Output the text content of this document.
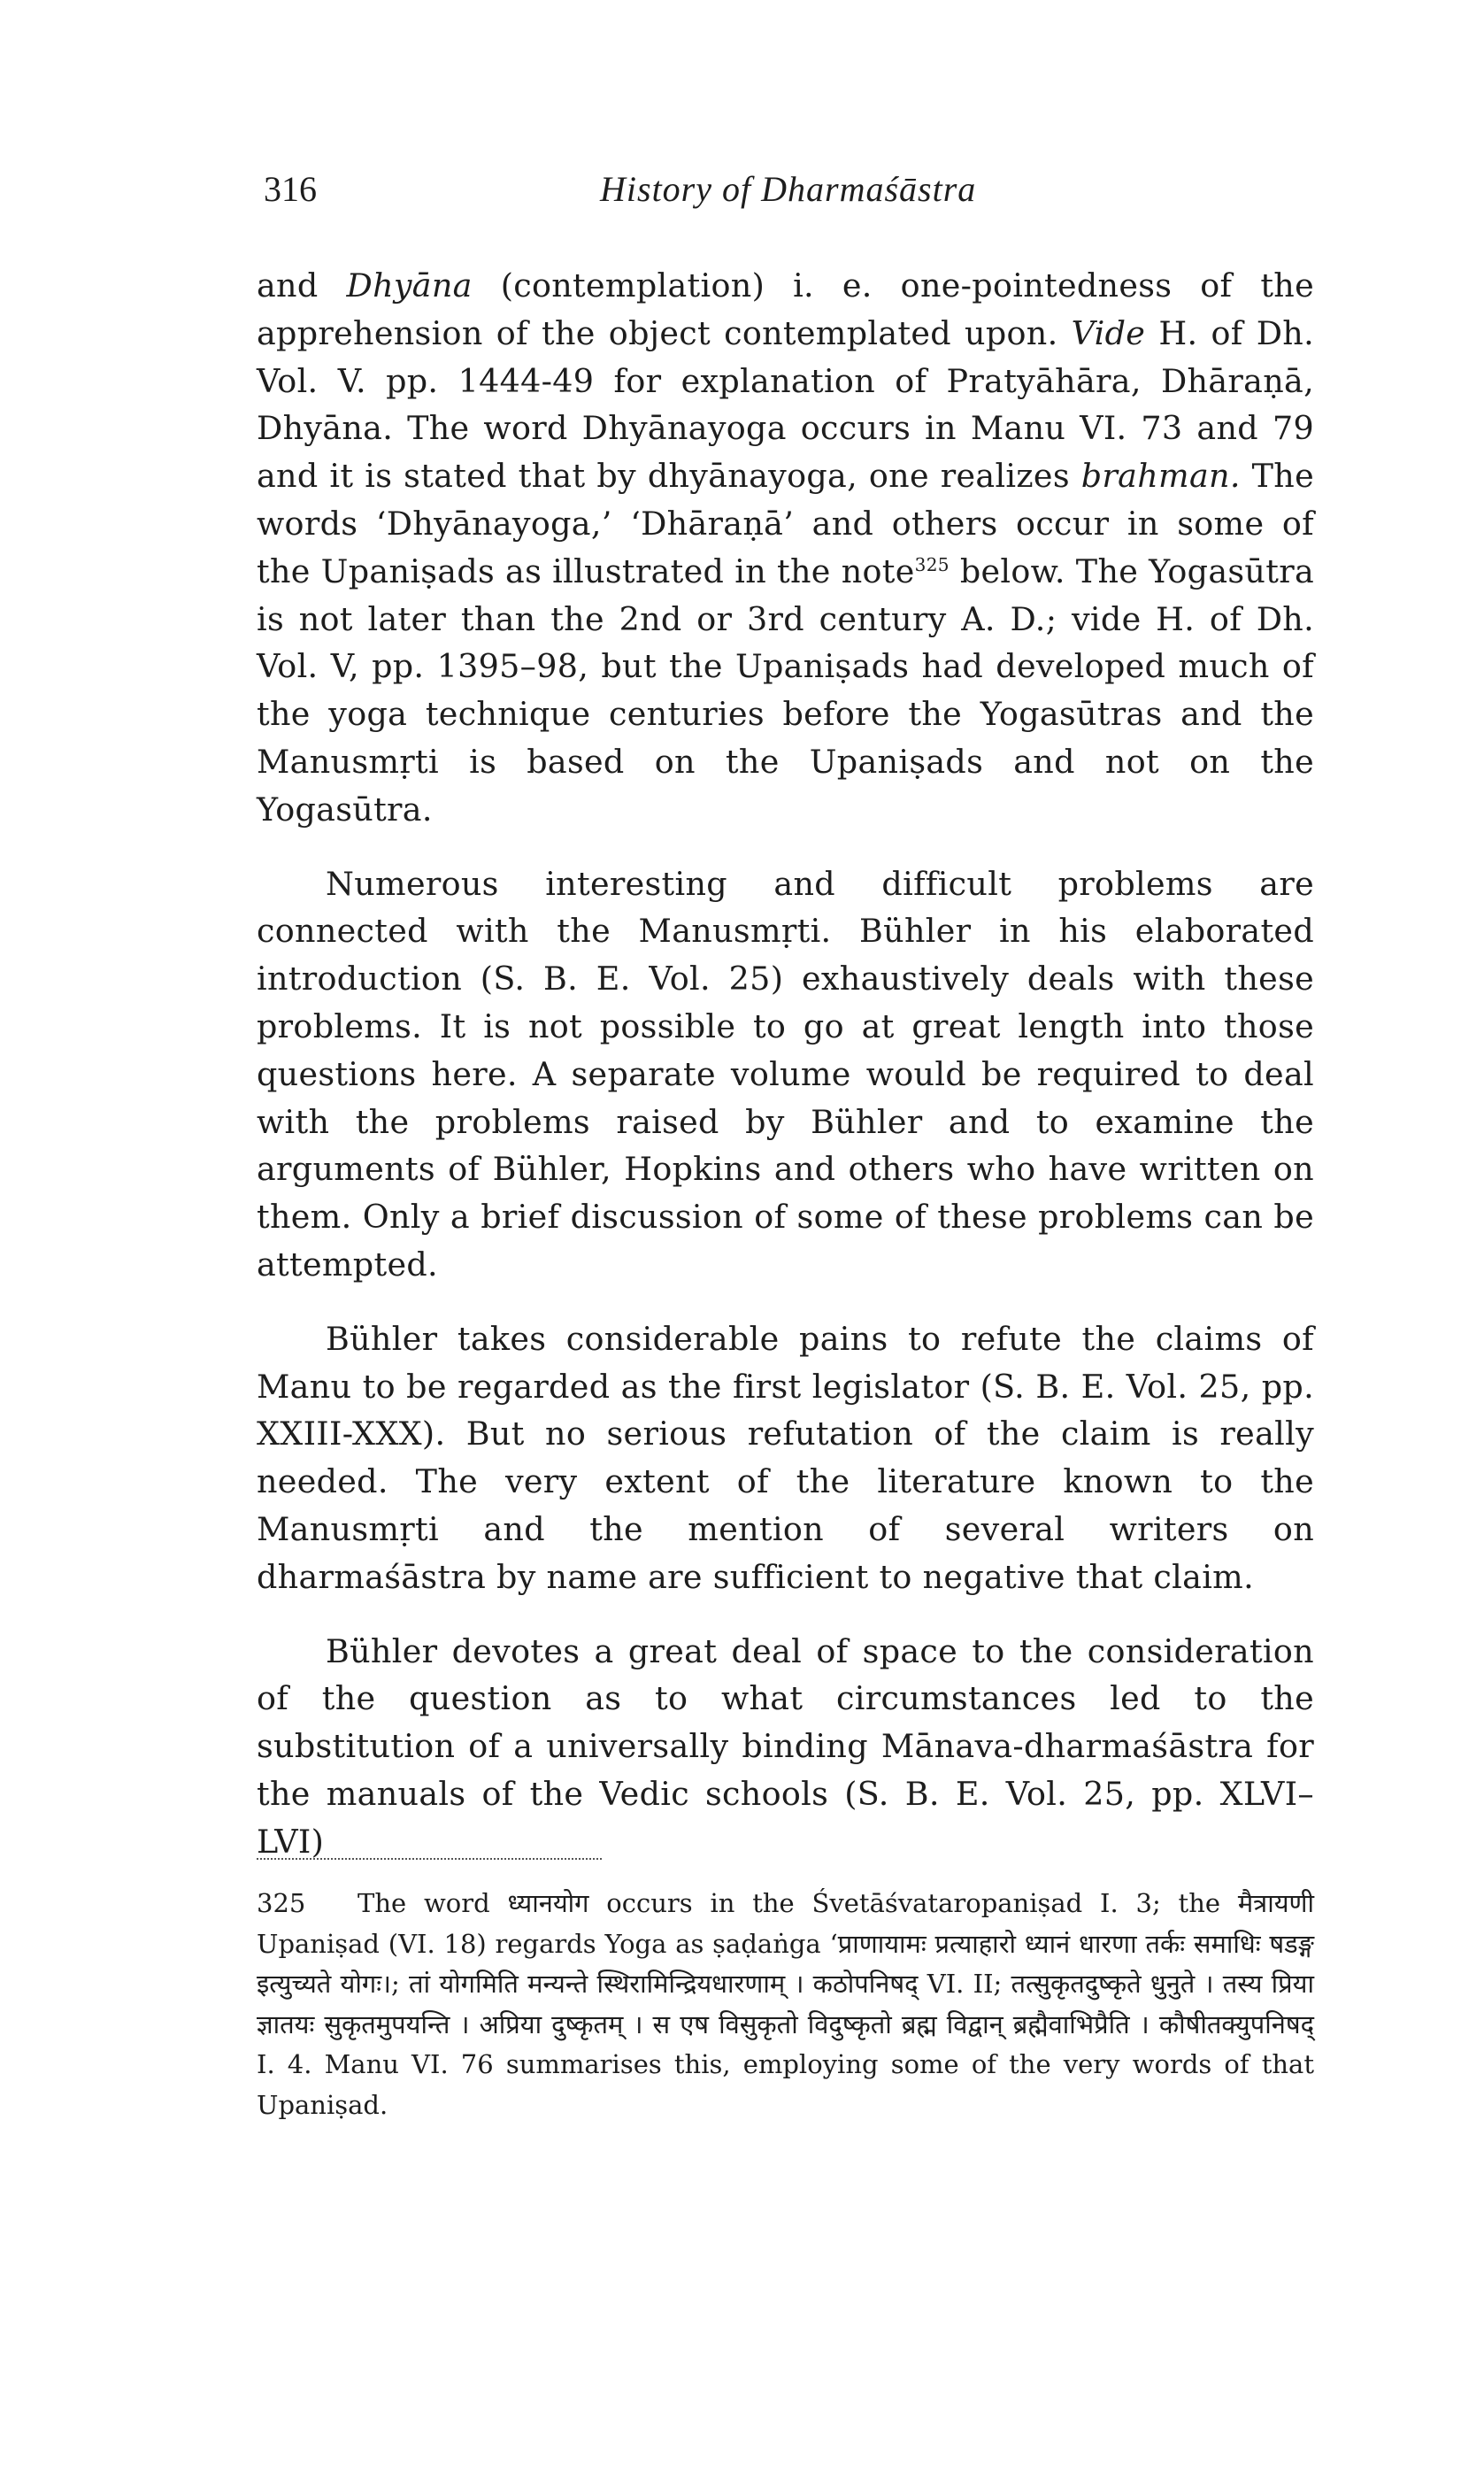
316	History of Dharmaśāstra

and Dhyāna (contemplation) i. e. one-pointedness of the apprehension of the object contemplated upon. Vide H. of Dh. Vol. V. pp. 1444-49 for explanation of Pratyāhāra, Dhāraṇā, Dhyāna. The word Dhyānayoga occurs in Manu VI. 73 and 79 and it is stated that by dhyānayoga, one realizes brahman. The words ‘Dhyānayoga,’ ‘Dhāraṇā’ and others occur in some of the Upaniṣads as illustrated in the note$^{325}$ below. The Yogasūtra is not later than the 2nd or 3rd century A. D.; vide H. of Dh. Vol. V, pp. 1395–98, but the Upaniṣads had developed much of the yoga technique centuries before the Yogasūtras and the Manusmṛti is based on the Upaniṣads and not on the Yogasūtra.

Numerous interesting and difficult problems are connected with the Manusmṛti. Bühler in his elaborated introduction (S. B. E. Vol. 25) exhaustively deals with these problems. It is not possible to go at great length into those questions here. A separate volume would be required to deal with the problems raised by Bühler and to examine the arguments of Bühler, Hopkins and others who have written on them. Only a brief discussion of some of these problems can be attempted.

Bühler takes considerable pains to refute the claims of Manu to be regarded as the first legislator (S. B. E. Vol. 25, pp. XXIII-XXX). But no serious refutation of the claim is really needed. The very extent of the literature known to the Manusmṛti and the mention of several writers on dharmaśāstra by name are sufficient to negative that claim.

Bühler devotes a great deal of space to the consideration of the question as to what circumstances led to the substitution of a universally binding Mānava-dharmaśāstra for the manuals of the Vedic schools (S. B. E. Vol. 25, pp. XLVI–LVI)

325 The word ध्यानयोग occurs in the Śvetāśvataropaniṣad I. 3; the मैत्रायणी Upaniṣad (VI. 18) regards Yoga as ṣaḍaṅga ‘प्राणायामः प्रत्याहारो ध्यानं धारणा तर्कः समाधिः षडङ्ग इत्युच्यते योगः।; तां योगमिति मन्यन्ते स्थिरामिन्द्रियधारणाम् । कठोपनिषद् VI. II; तत्सुकृतदुष्कृते धुनुते । तस्य प्रिया ज्ञातयः सुकृतमुपयन्ति । अप्रिया दुष्कृतम् । स एष विसुकृतो विदुष्कृतो ब्रह्म विद्वान् ब्रह्मैवाभिप्रैति । कौषीतक्युपनिषद् I. 4. Manu VI. 76 summarises this, employing some of the very words of that Upaniṣad.
